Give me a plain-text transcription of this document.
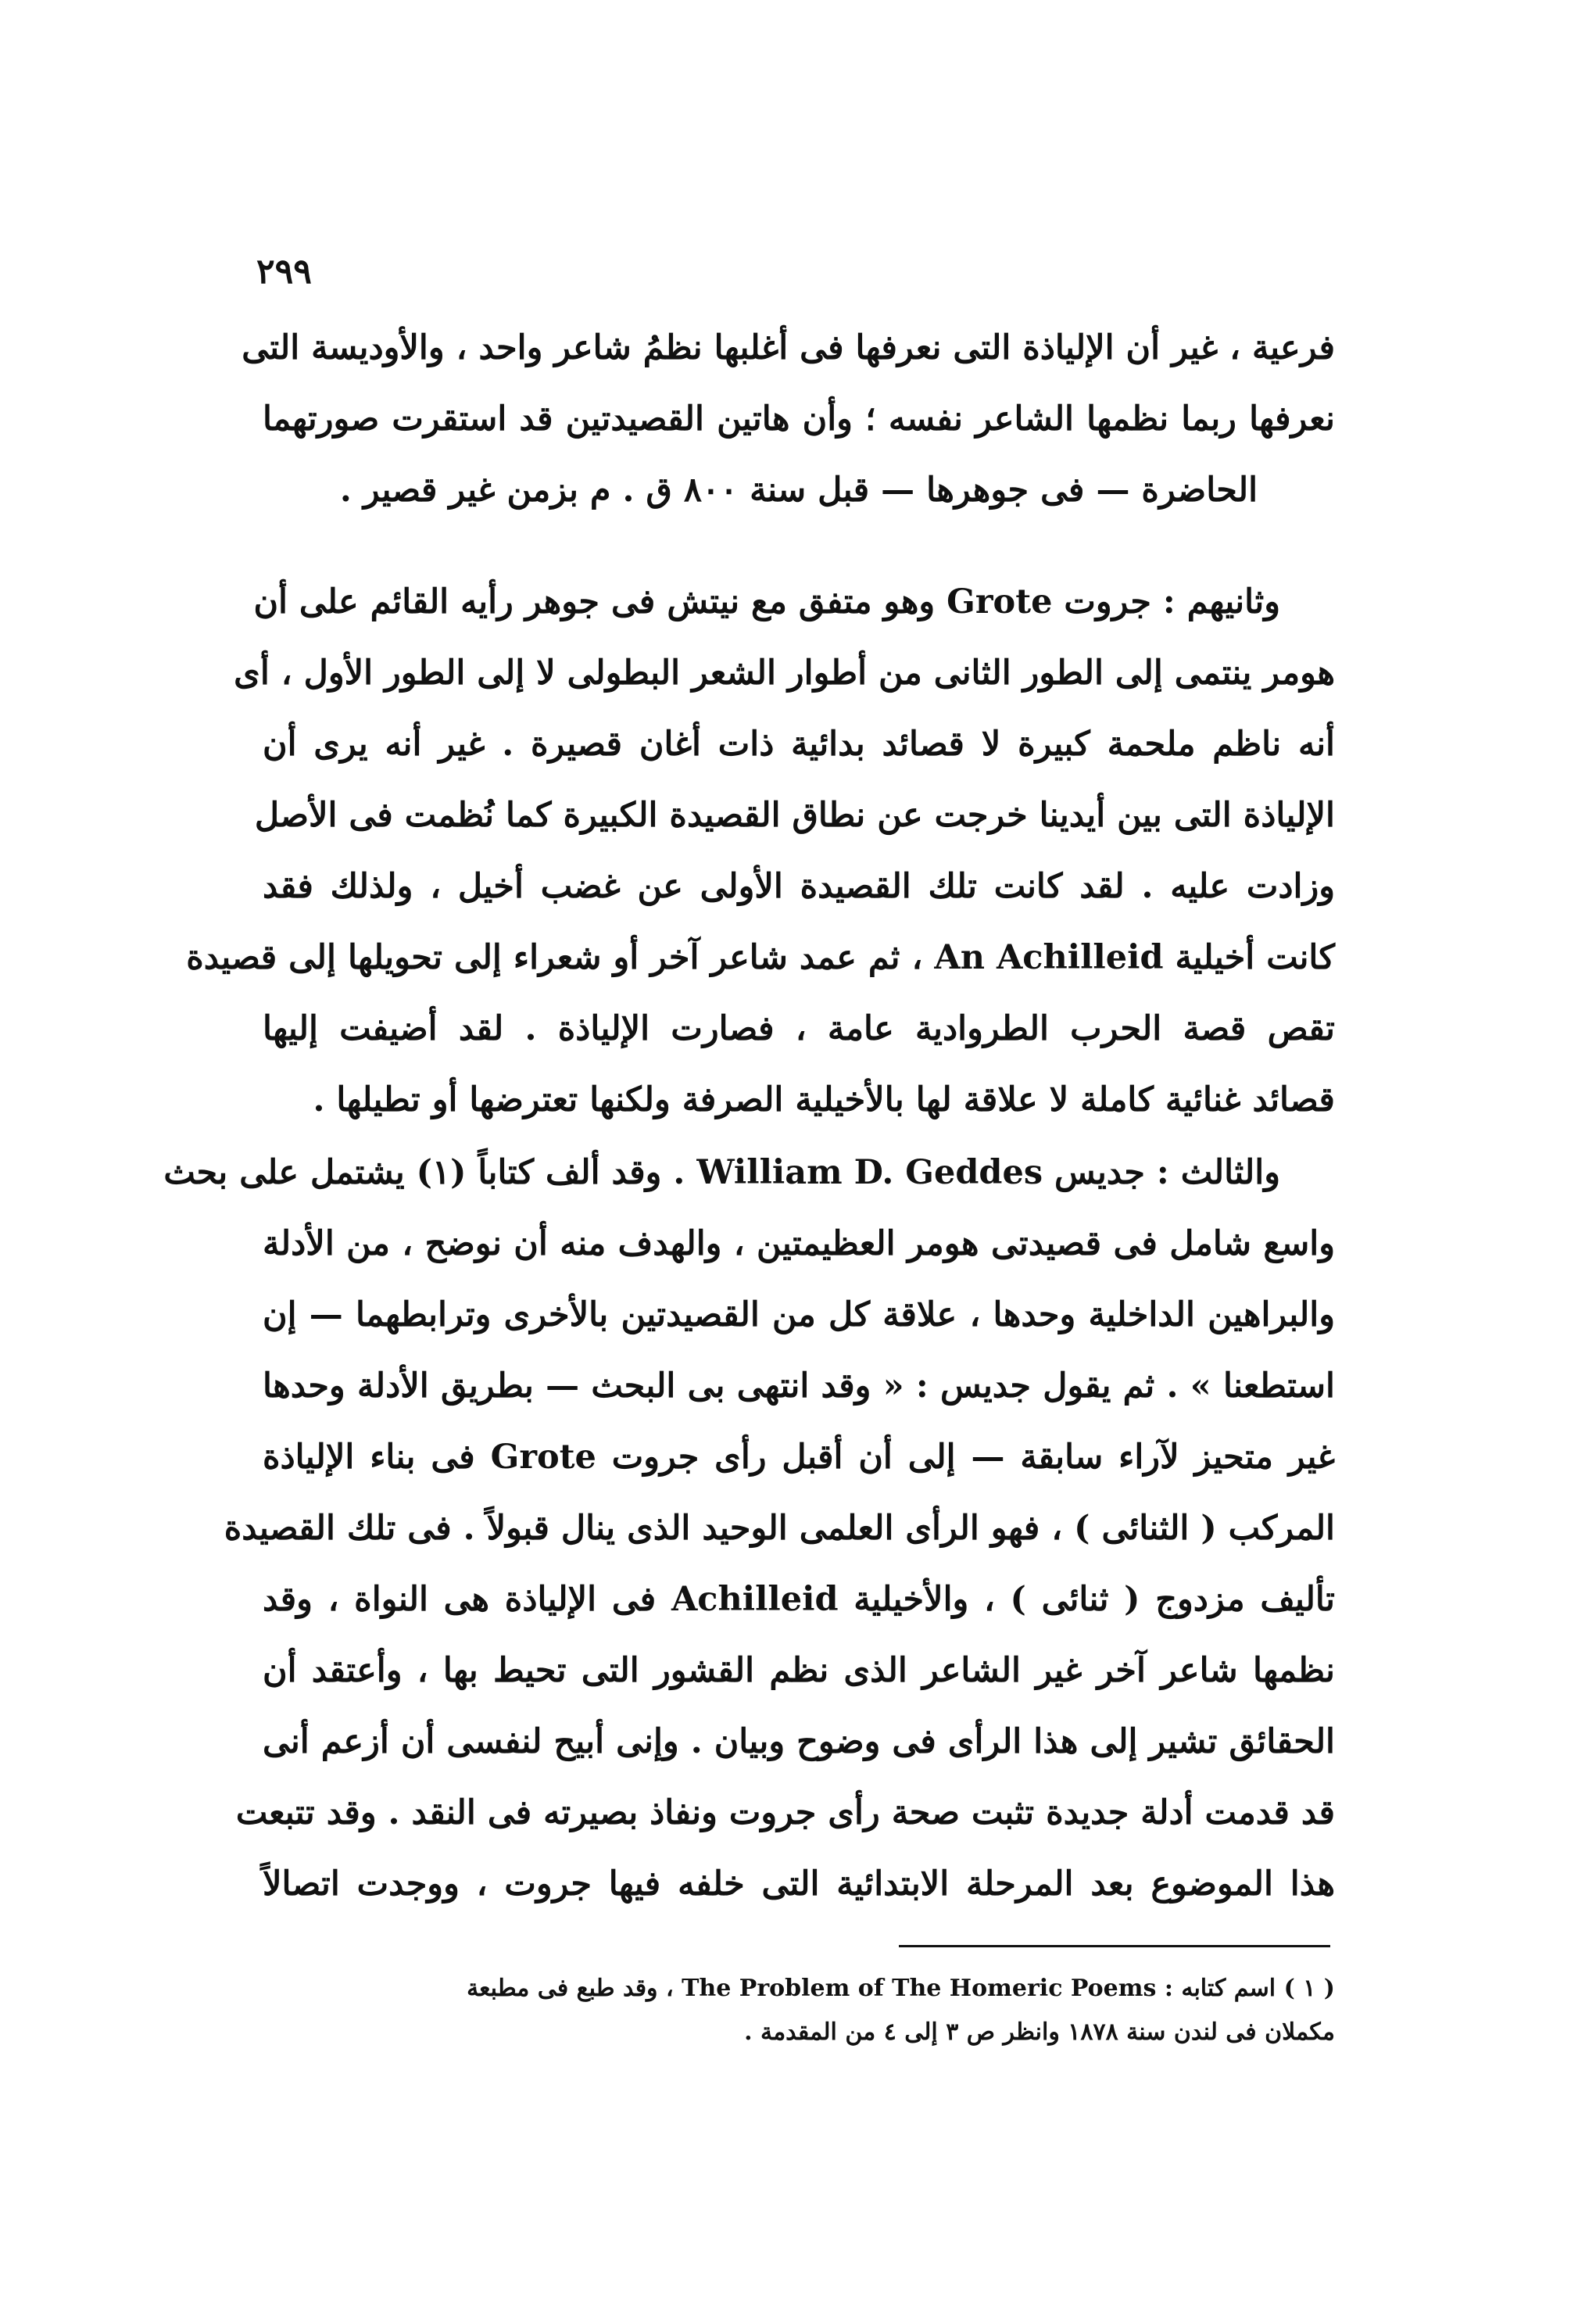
٢٩٩
فرعية ، غير أن الإلياذة التى نعرفها فى أغلبها نظمُ شاعر واحد ، والأوديسة التى
نعرفها ربما نظمها الشاعر نفسه ؛ وأن هاتين القصيدتين قد استقرت صورتهما
الحاضرة — فى جوهرها — قبل سنة ٨٠٠ ق . م بزمن غير قصير .
وثانيهم : جروت Grote وهو متفق مع نيتش فى جوهر رأيه القائم على أن
هومر ينتمى إلى الطور الثانى من أطوار الشعر البطولى لا إلى الطور الأول ، أى
أنه ناظم ملحمة كبيرة لا قصائد بدائية ذات أغان قصيرة . غير أنه يرى أن
الإلياذة التى بين أيدينا خرجت عن نطاق القصيدة الكبيرة كما نُظمت فى الأصل
وزادت عليه . لقد كانت تلك القصيدة الأولى عن غضب أخيل ، ولذلك فقد
كانت أخيلية An Achilleid ، ثم عمد شاعر آخر أو شعراء إلى تحويلها إلى قصيدة
تقص قصة الحرب الطروادية عامة ، فصارت الإلياذة . لقد أضيفت إليها
قصائد غنائية كاملة لا علاقة لها بالأخيلية الصرفة ولكنها تعترضها أو تطيلها .
والثالث : جديس William D. Geddes . وقد ألف كتاباً (١) يشتمل على بحث
واسع شامل فى قصيدتى هومر العظيمتين ، والهدف منه أن نوضح ، من الأدلة
والبراهين الداخلية وحدها ، علاقة كل من القصيدتين بالأخرى وترابطهما — إن
استطعنا » . ثم يقول جديس : « وقد انتهى بى البحث — بطريق الأدلة وحدها
غير متحيز لآراء سابقة — إلى أن أقبل رأى جروت Grote فى بناء الإلياذة
المركب ( الثنائى ) ، فهو الرأى العلمى الوحيد الذى ينال قبولاً . فى تلك القصيدة
تأليف مزدوج ( ثنائى ) ، والأخيلية Achilleid فى الإلياذة هى النواة ، وقد
نظمها شاعر آخر غير الشاعر الذى نظم القشور التى تحيط بها ، وأعتقد أن
الحقائق تشير إلى هذا الرأى فى وضوح وبيان . وإنى أبيح لنفسى أن أزعم أنى
قد قدمت أدلة جديدة تثبت صحة رأى جروت ونفاذ بصيرته فى النقد . وقد تتبعت
هذا الموضوع بعد المرحلة الابتدائية التى خلفه فيها جروت ، ووجدت اتصالاً
( ١ ) اسم كتابه : The Problem of The Homeric Poems ، وقد طبع فى مطبعة
مكملان فى لندن سنة ١٨٧٨ وانظر ص ٣ إلى ٤ من المقدمة .
